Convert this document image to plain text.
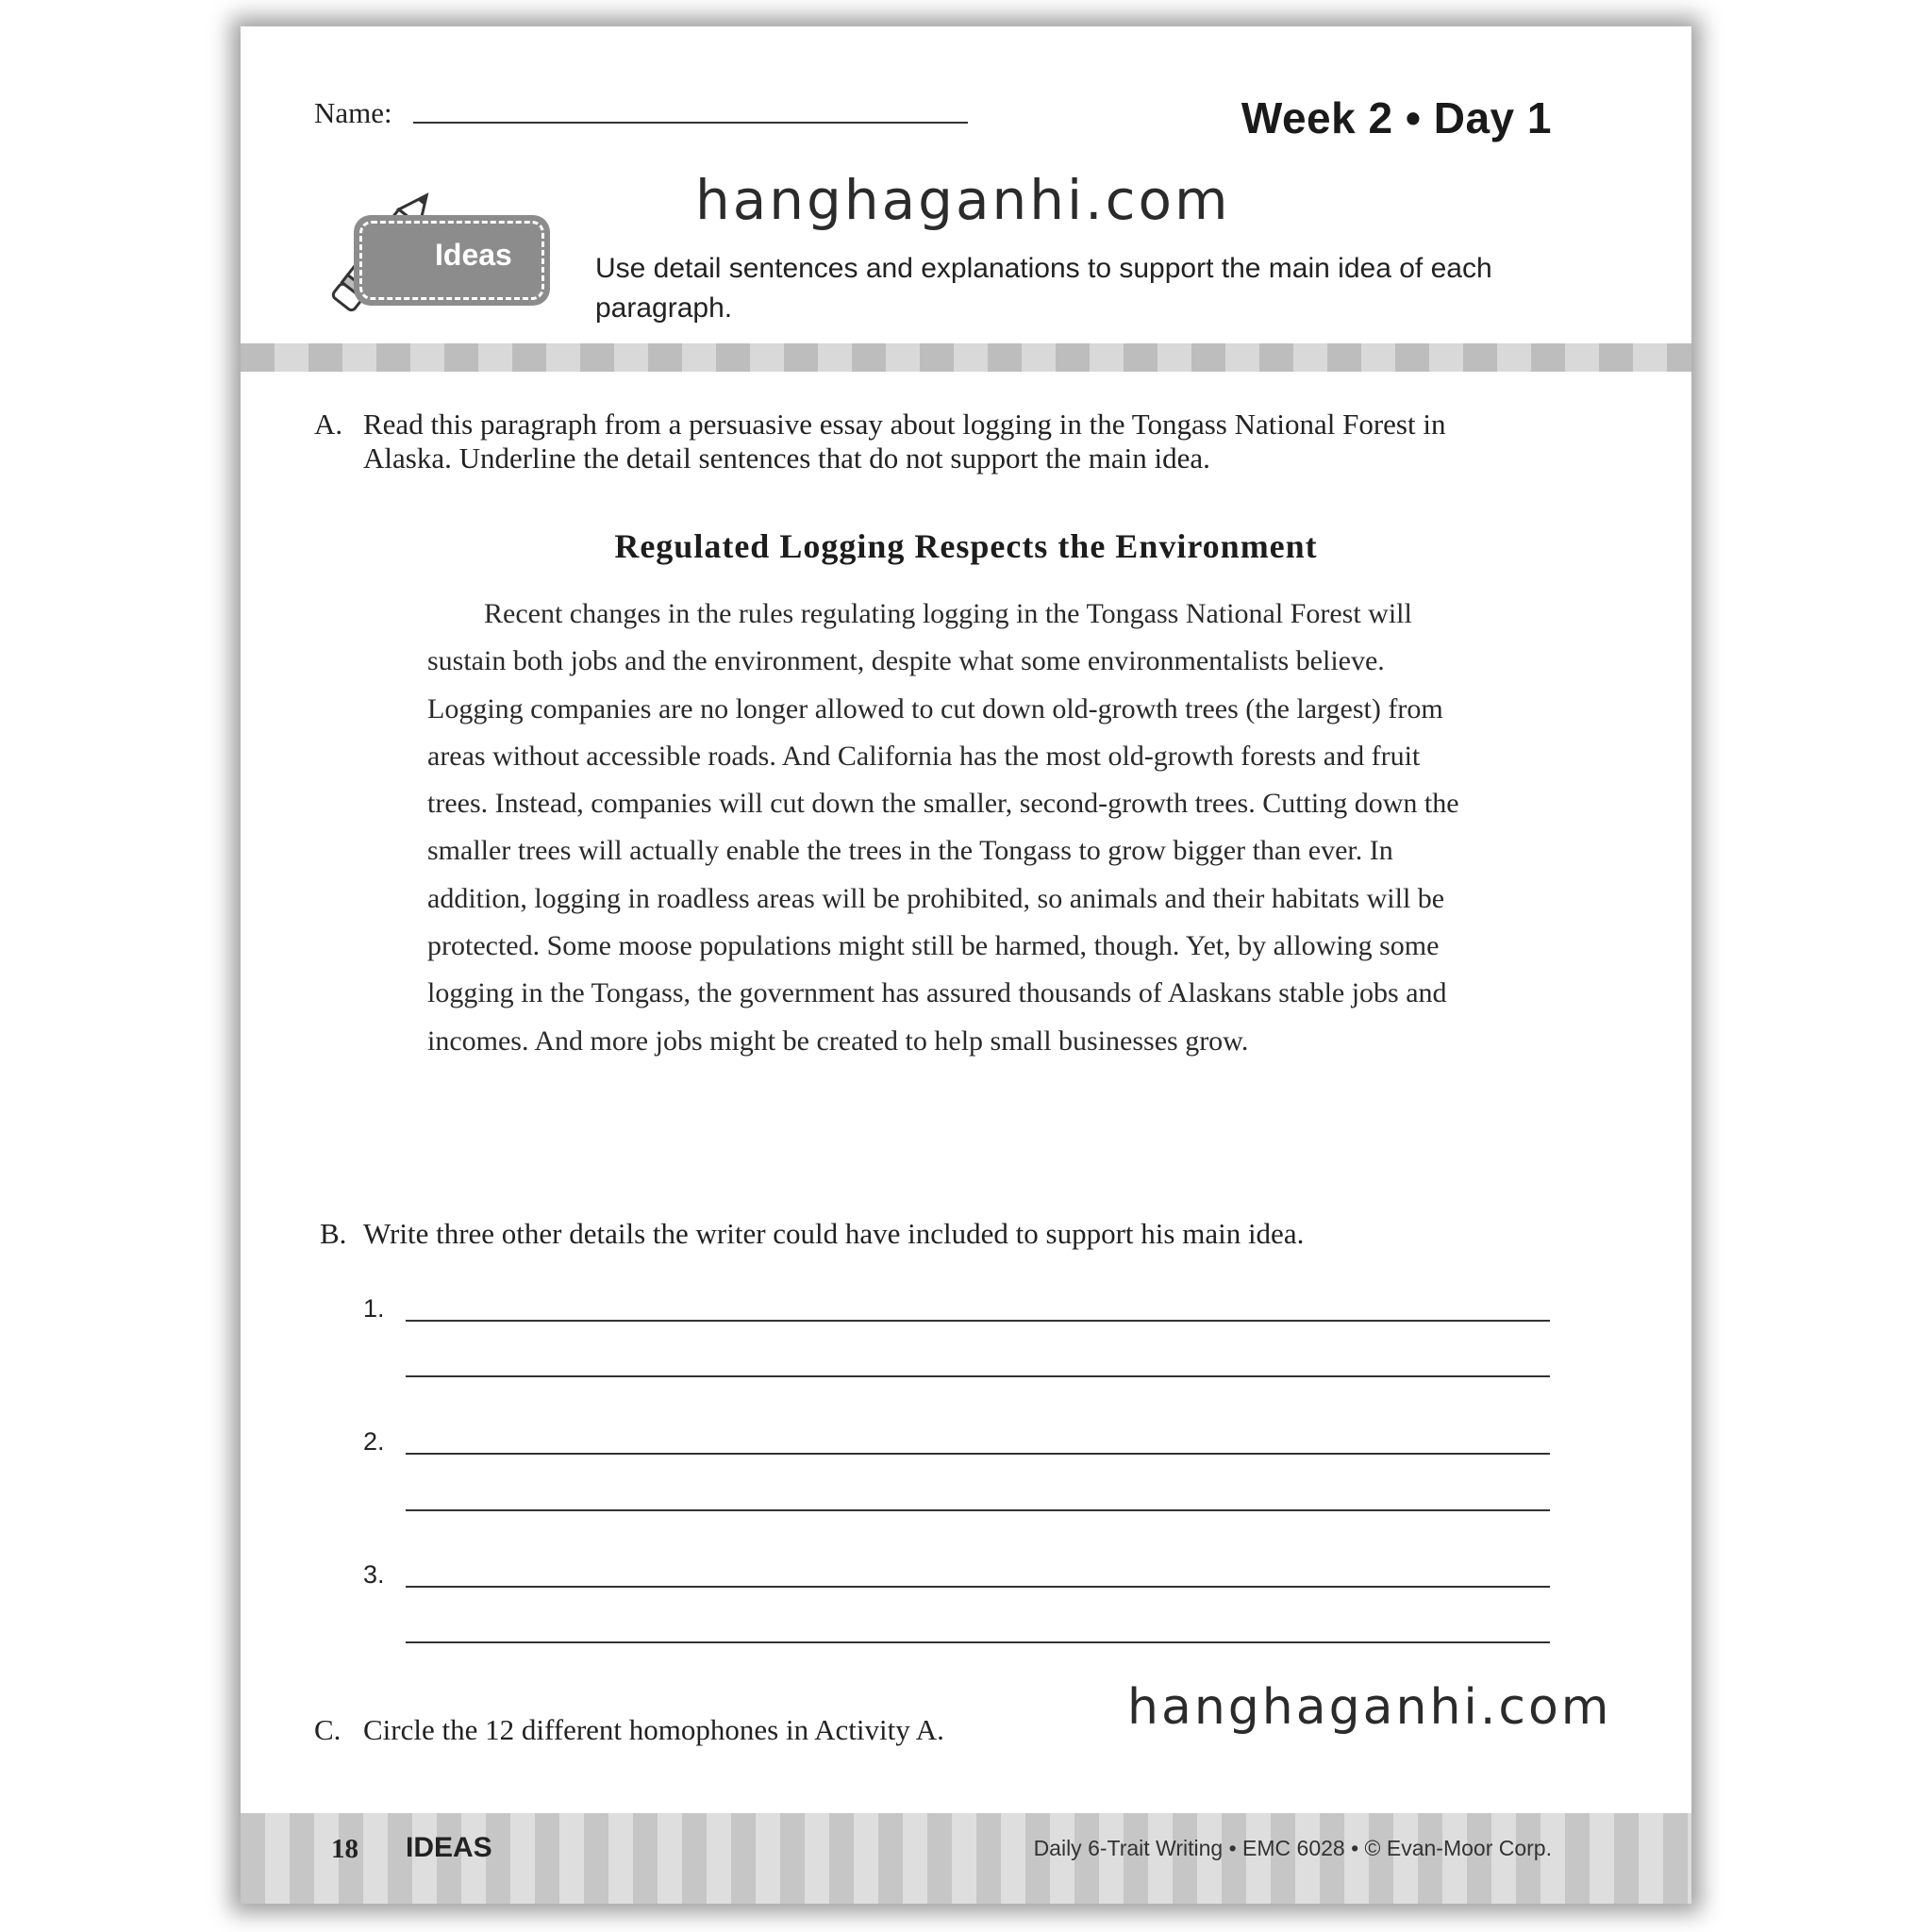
Name:	Week 2 • Day 1
hanghaganhi.com
Ideas	Use detail sentences and explanations to support the main idea of each paragraph.
A. Read this paragraph from a persuasive essay about logging in the Tongass National Forest in Alaska. Underline the detail sentences that do not support the main idea.
Regulated Logging Respects the Environment
Recent changes in the rules regulating logging in the Tongass National Forest will sustain both jobs and the environment, despite what some environmentalists believe. Logging companies are no longer allowed to cut down old-growth trees (the largest) from areas without accessible roads. And California has the most old-growth forests and fruit trees. Instead, companies will cut down the smaller, second-growth trees. Cutting down the smaller trees will actually enable the trees in the Tongass to grow bigger than ever. In addition, logging in roadless areas will be prohibited, so animals and their habitats will be protected. Some moose populations might still be harmed, though. Yet, by allowing some logging in the Tongass, the government has assured thousands of Alaskans stable jobs and incomes. And more jobs might be created to help small businesses grow.
B. Write three other details the writer could have included to support his main idea.
1.
2.
3.
C. Circle the 12 different homophones in Activity A.	hanghaganhi.com
18 IDEAS	Daily 6-Trait Writing • EMC 6028 • © Evan-Moor Corp.
